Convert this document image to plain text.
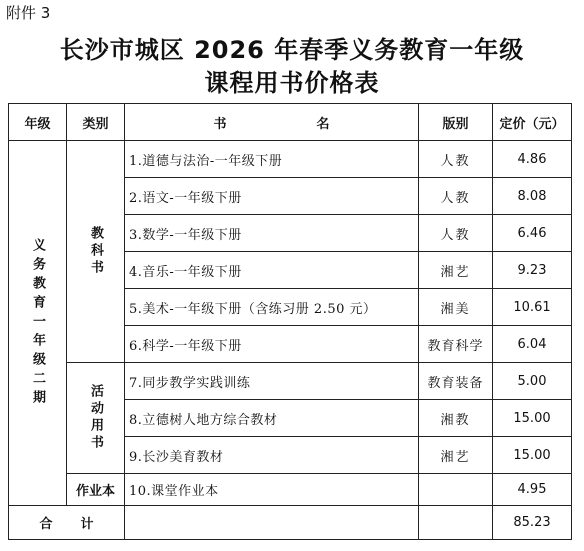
附件 3
长沙市城区 2026 年春季义务教育一年级
课程用书价格表
年级	类别	书 名	版别	定价（元）

义务教育一年级二期	教科书	1.道德与法治-一年级下册	人教	4.86
		2.语文-一年级下册	人教	8.08
		3.数学-一年级下册	人教	6.46
		4.音乐-一年级下册	湘艺	9.23
		5.美术-一年级下册（含练习册 2.50 元）	湘美	10.61
		6.科学-一年级下册	教育科学	6.04

	活动用书	7.同步教学实践训练	教育装备	5.00
		8.立德树人地方综合教材	湘教	15.00
		9.长沙美育教材	湘艺	15.00
	作业本	10.课堂作业本		4.95
合 计				85.23
